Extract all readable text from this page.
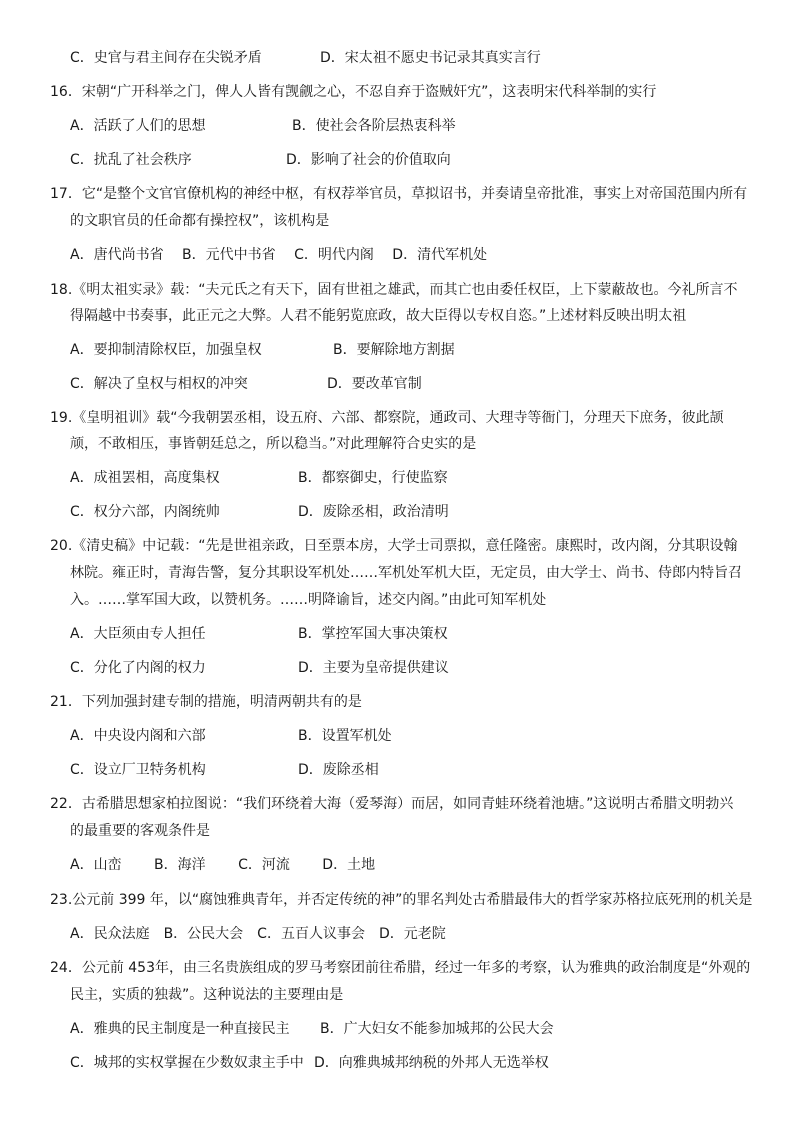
C．史官与君主间存在尖锐矛盾	D．宋太祖不愿史书记录其真实言行
16．宋朝“广开科举之门，俾人人皆有觊觎之心，不忍自弃于盗贼奸宄”，这表明宋代科举制的实行
A．活跃了人们的思想	B．使社会各阶层热衷科举
C．扰乱了社会秩序	D．影响了社会的价值取向
17．它“是整个文官官僚机构的神经中枢，有权荐举官员，草拟诏书，并奏请皇帝批准，事实上对帝国范围内所有
的文职官员的任命都有操控权”，该机构是
A．唐代尚书省　 B．元代中书省　 C．明代内阁　 D．清代军机处
18.《明太祖实录》载：“夫元氏之有天下，固有世祖之雄武，而其亡也由委任权臣，上下蒙蔽故也。今礼所言不
得隔越中书奏事，此正元之大弊。人君不能躬览庶政，故大臣得以专权自恣。”上述材料反映出明太祖
A．要抑制清除权臣，加强皇权	B．要解除地方割据
C．解决了皇权与相权的冲突	D．要改革官制
19.《皇明祖训》载“今我朝罢丞相，设五府、六部、都察院，通政司、大理寺等衙门，分理天下庶务，彼此颉
颃，不敢相压，事皆朝廷总之，所以稳当。”对此理解符合史实的是
A．成祖罢相，高度集权	B．都察御史，行使监察
C．权分六部，内阁统帅	D．废除丞相，政治清明
20.《清史稿》中记载：“先是世祖亲政，日至票本房，大学士司票拟，意任隆密。康熙时，改内阁，分其职设翰
林院。雍正时，青海告警，复分其职设军机处……军机处军机大臣，无定员，由大学士、尚书、侍郎内特旨召
入。……掌军国大政，以赞机务。……明降谕旨，述交内阁。”由此可知军机处
A．大臣须由专人担任	B．掌控军国大事决策权
C．分化了内阁的权力	D．主要为皇帝提供建议
21．下列加强封建专制的措施，明清两朝共有的是
A．中央设内阁和六部	B．设置军机处
C．设立厂卫特务机构	D．废除丞相
22．古希腊思想家柏拉图说：“我们环绕着大海（爱琴海）而居，如同青蛙环绕着池塘。”这说明古希腊文明勃兴
的最重要的客观条件是
A．山峦　　 B．海洋　　 C．河流　　 D．土地
23.公元前 399 年，以“腐蚀雅典青年，并否定传统的神”的罪名判处古希腊最伟大的哲学家苏格拉底死刑的机关是
A．民众法庭　B．公民大会　C．五百人议事会　D．元老院
24．公元前 453年，由三名贵族组成的罗马考察团前往希腊，经过一年多的考察，认为雅典的政治制度是“外观的
民主，实质的独裁”。这种说法的主要理由是
A．雅典的民主制度是一种直接民主 B．广大妇女不能参加城邦的公民大会
C．城邦的实权掌握在少数奴隶主手中 D．向雅典城邦纳税的外邦人无选举权
